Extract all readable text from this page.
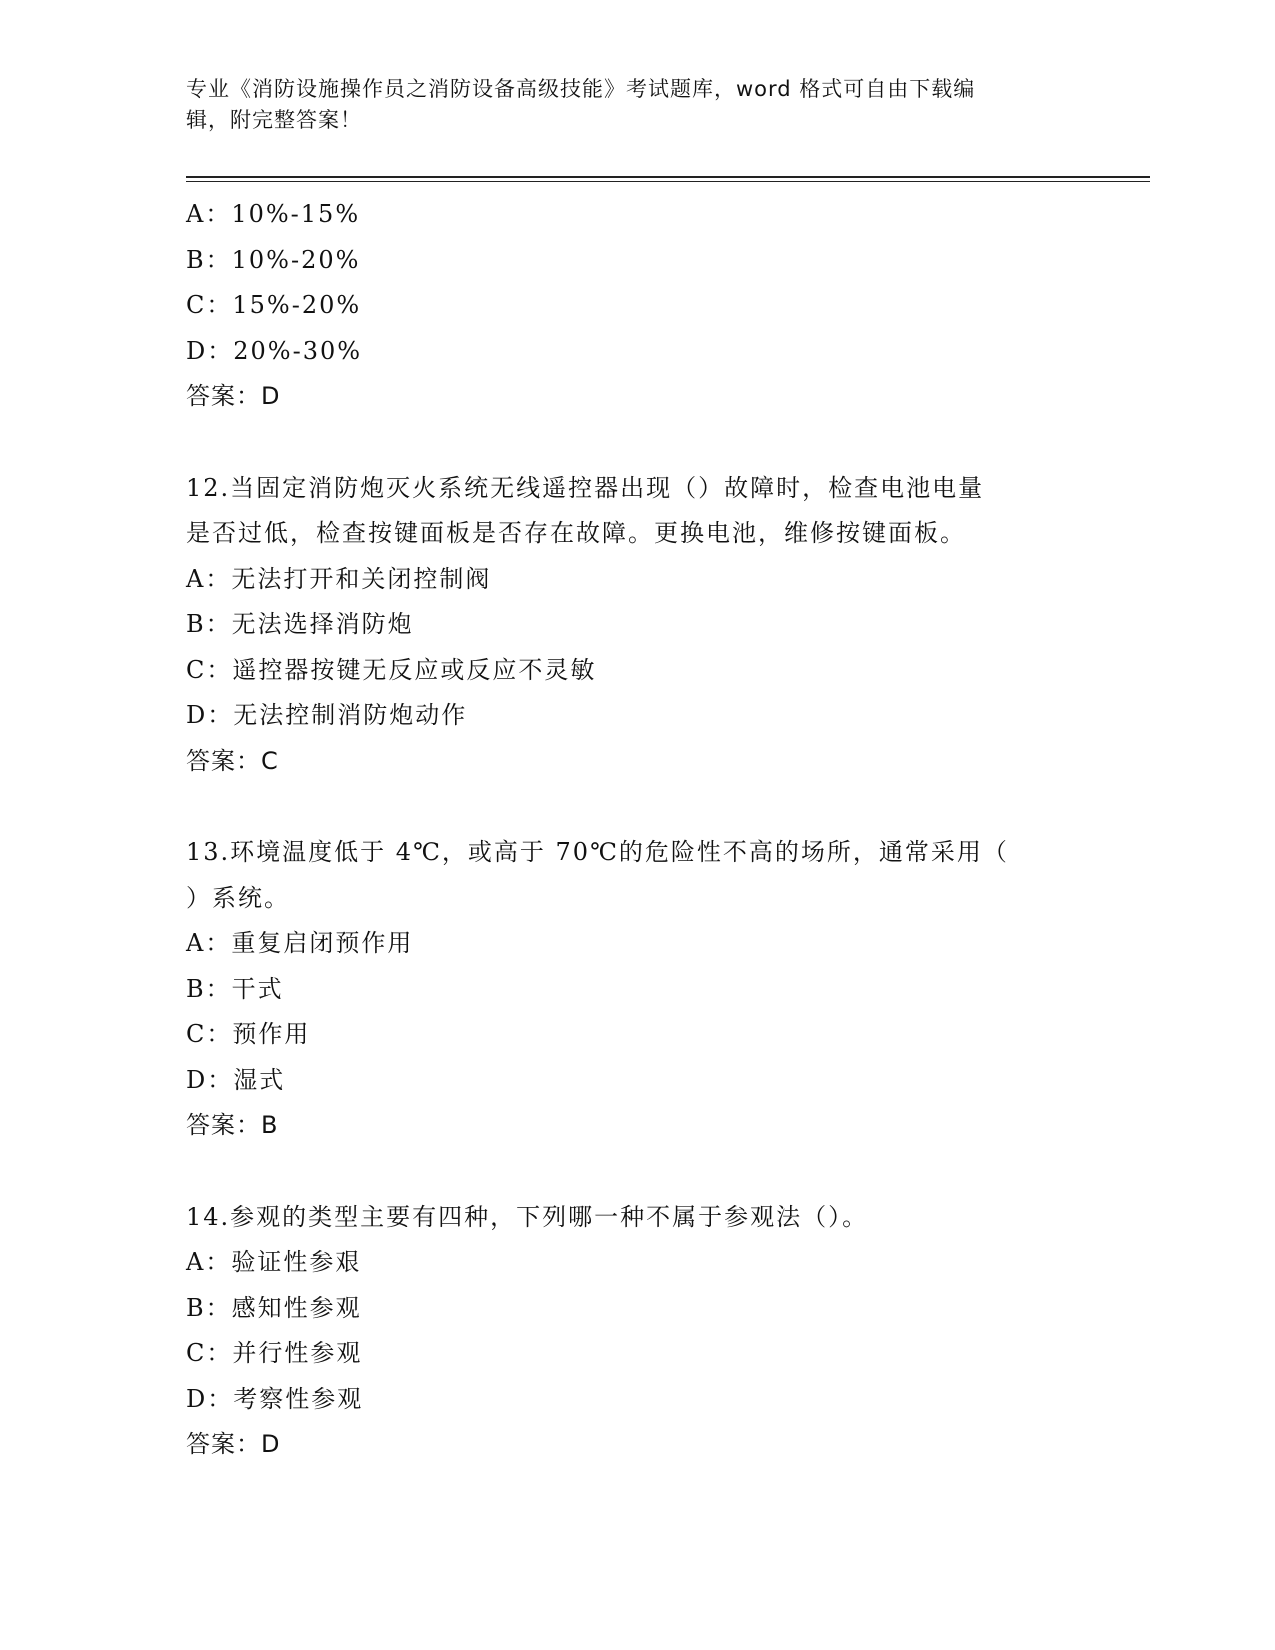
专业《消防设施操作员之消防设备高级技能》考试题库，word 格式可自由下载编
辑，附完整答案！
A：10%-15%
B：10%-20%
C：15%-20%
D：20%-30%
答案：D
12.当固定消防炮灭火系统无线遥控器出现（）故障时，检查电池电量
是否过低，检查按键面板是否存在故障。更换电池，维修按键面板。
A：无法打开和关闭控制阀
B：无法选择消防炮
C：遥控器按键无反应或反应不灵敏
D：无法控制消防炮动作
答案：C
13.环境温度低于 4℃，或高于 70℃的危险性不高的场所，通常采用（
）系统。
A：重复启闭预作用
B：干式
C：预作用
D：湿式
答案：B
14.参观的类型主要有四种，下列哪一种不属于参观法（）。
A：验证性参艰
B：感知性参观
C：并行性参观
D：考察性参观
答案：D
